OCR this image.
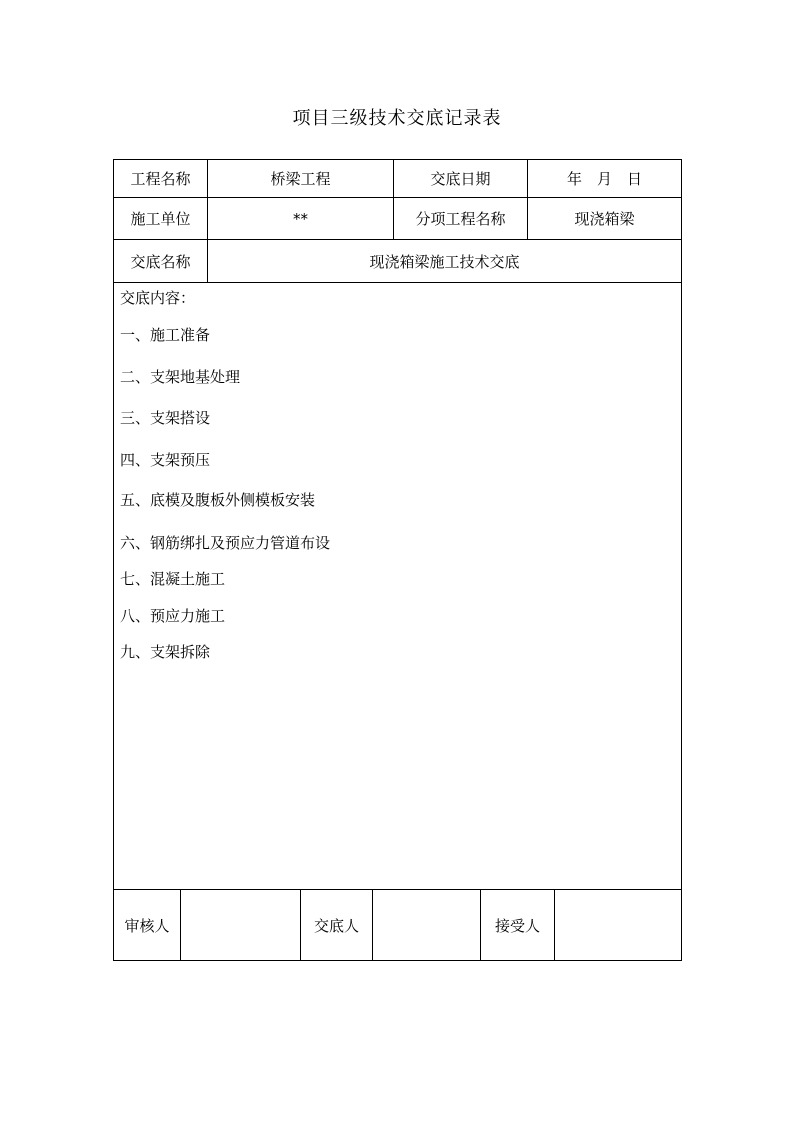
项目三级技术交底记录表
工程名称	桥梁工程	交底日期	年　月　日
施工单位	**	分项工程名称	现浇箱梁
交底名称	现浇箱梁施工技术交底
审核人	交底人	接受人
交底内容：
一、施工准备
二、支架地基处理
三、支架搭设
四、支架预压
五、底模及腹板外侧模板安装
六、钢筋绑扎及预应力管道布设
七、混凝土施工
八、预应力施工
九、支架拆除
